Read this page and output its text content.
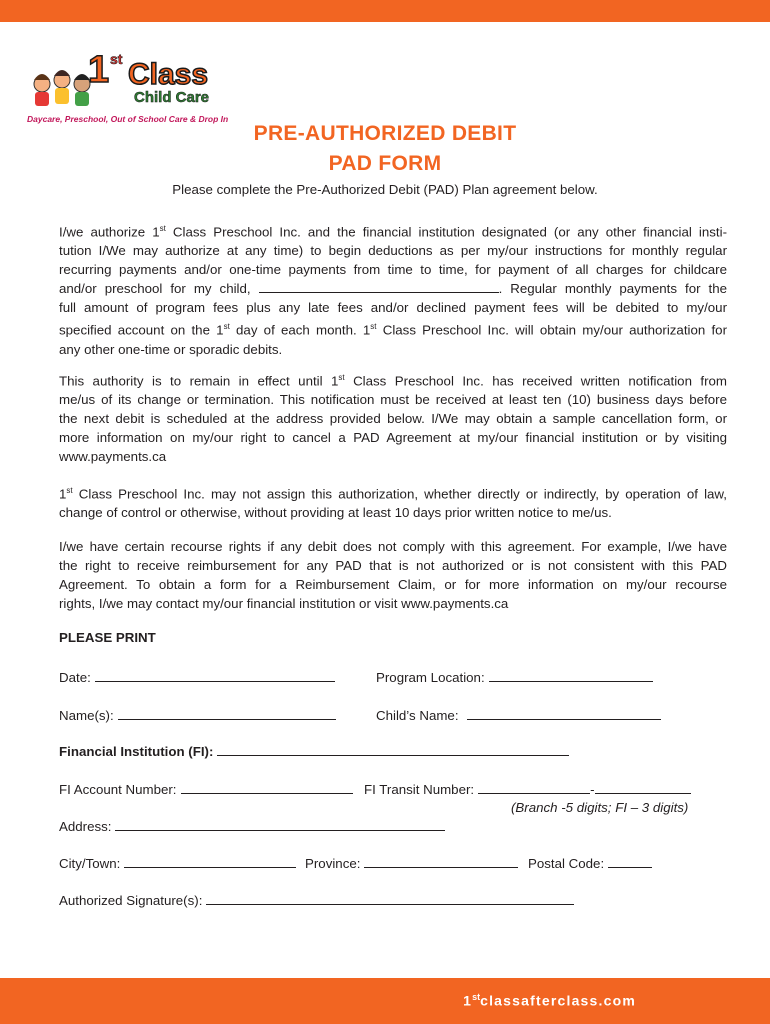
1 st Class
Child Care
Daycare, Preschool, Out of School Care & Drop In
PRE-AUTHORIZED DEBIT
PAD FORM
Please complete the Pre-Authorized Debit (PAD) Plan agreement below.

I/we authorize 1st Class Preschool Inc. and the financial institution designated (or any other financial insti-

tution I/We may authorize at any time) to begin deductions as per my/our instructions for monthly regular

recurring payments and/or one-time payments from time to time, for payment of all charges for childcare

and/or preschool for my child,	. Regular monthly payments for the

full amount of program fees plus any late fees and/or declined payment fees will be debited to my/our

specified account on the 1st day of each month. 1st Class Preschool Inc. will obtain my/our authorization for

any other one-time or sporadic debits.

This authority is to remain in effect until 1st Class Preschool Inc. has received written notification from

me/us of its change or termination. This notification must be received at least ten (10) business days before

the next debit is scheduled at the address provided below. I/We may obtain a sample cancellation form, or

more information on my/our right to cancel a PAD Agreement at my/our financial institution or by visiting

www.payments.ca

1st Class Preschool Inc. may not assign this authorization, whether directly or indirectly, by operation of law,

change of control or otherwise, without providing at least 10 days prior written notice to me/us.

I/we have certain recourse rights if any debit does not comply with this agreement. For example, I/we have

the right to receive reimbursement for any PAD that is not authorized or is not consistent with this PAD

Agreement. To obtain a form for a Reimbursement Claim, or for more information on my/our recourse

rights, I/we may contact my/our financial institution or visit www.payments.ca

PLEASE PRINT
Date:	Program Location:
Name(s):	Child’s Name:
Financial Institution (FI):
FI Account Number:	FI Transit Number:	-
(Branch -5 digits; FI – 3 digits)
Address:
City/Town:	Province:	Postal Code:
Authorized Signature(s):
1stclassafterclass.com
